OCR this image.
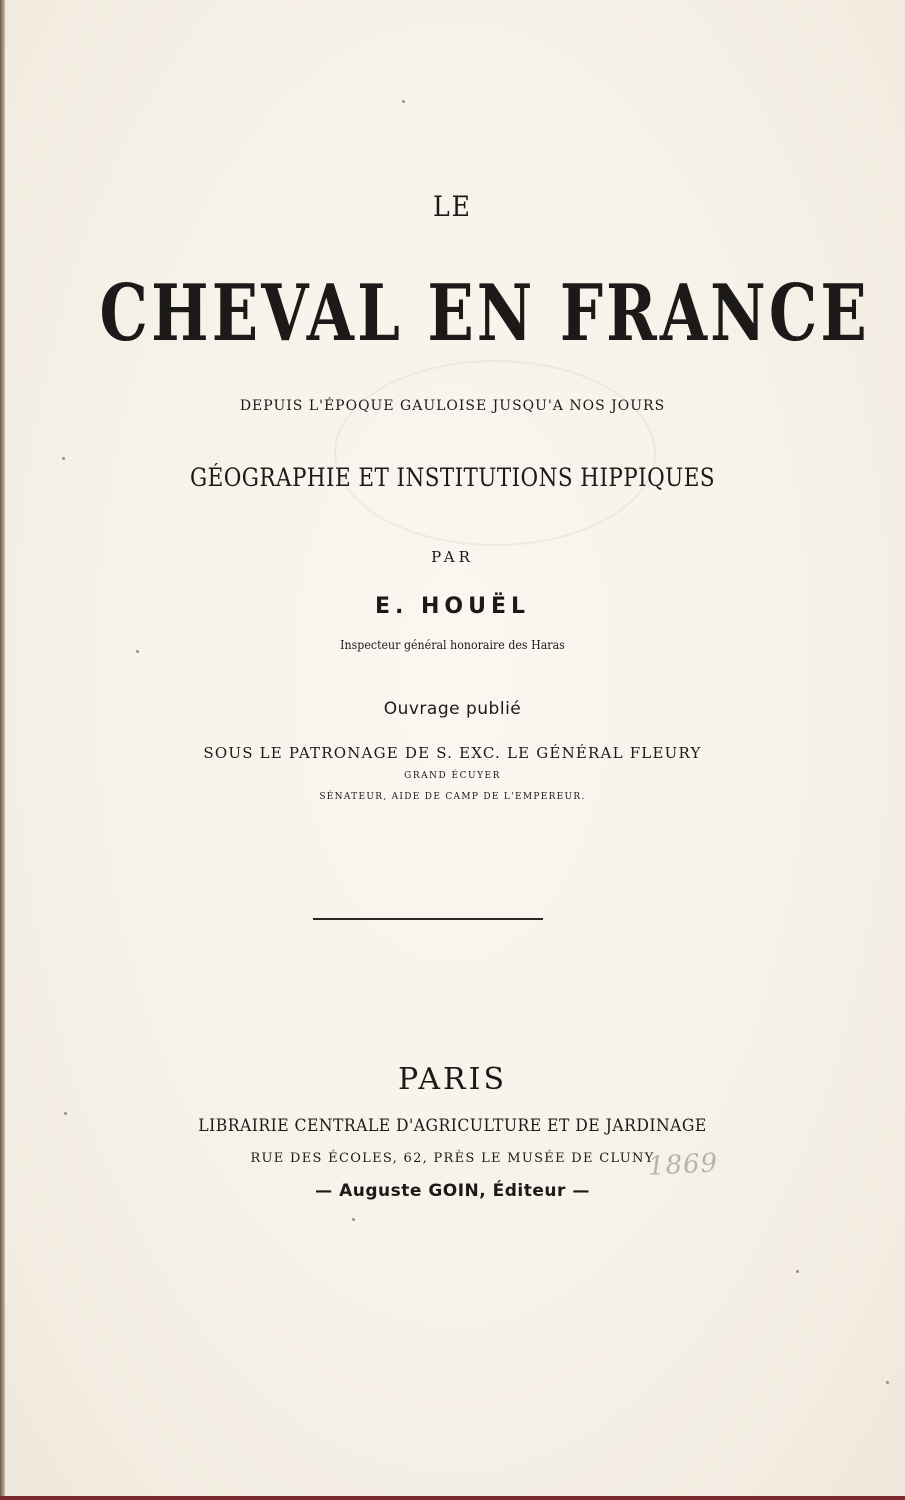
LE
CHEVAL EN FRANCE
DEPUIS L'ÉPOQUE GAULOISE JUSQU'A NOS JOURS
GÉOGRAPHIE ET INSTITUTIONS HIPPIQUES
PAR
E. HOUËL
Inspecteur général honoraire des Haras
Ouvrage publié
SOUS LE PATRONAGE DE S. EXC. LE GÉNÉRAL FLEURY
GRAND ÉCUYER
SÉNATEUR, AIDE DE CAMP DE L'EMPEREUR.
PARIS
LIBRAIRIE CENTRALE D'AGRICULTURE ET DE JARDINAGE
RUE DES ÉCOLES, 62, PRÈS LE MUSÉE DE CLUNY
— Auguste GOIN, Éditeur —
1869
